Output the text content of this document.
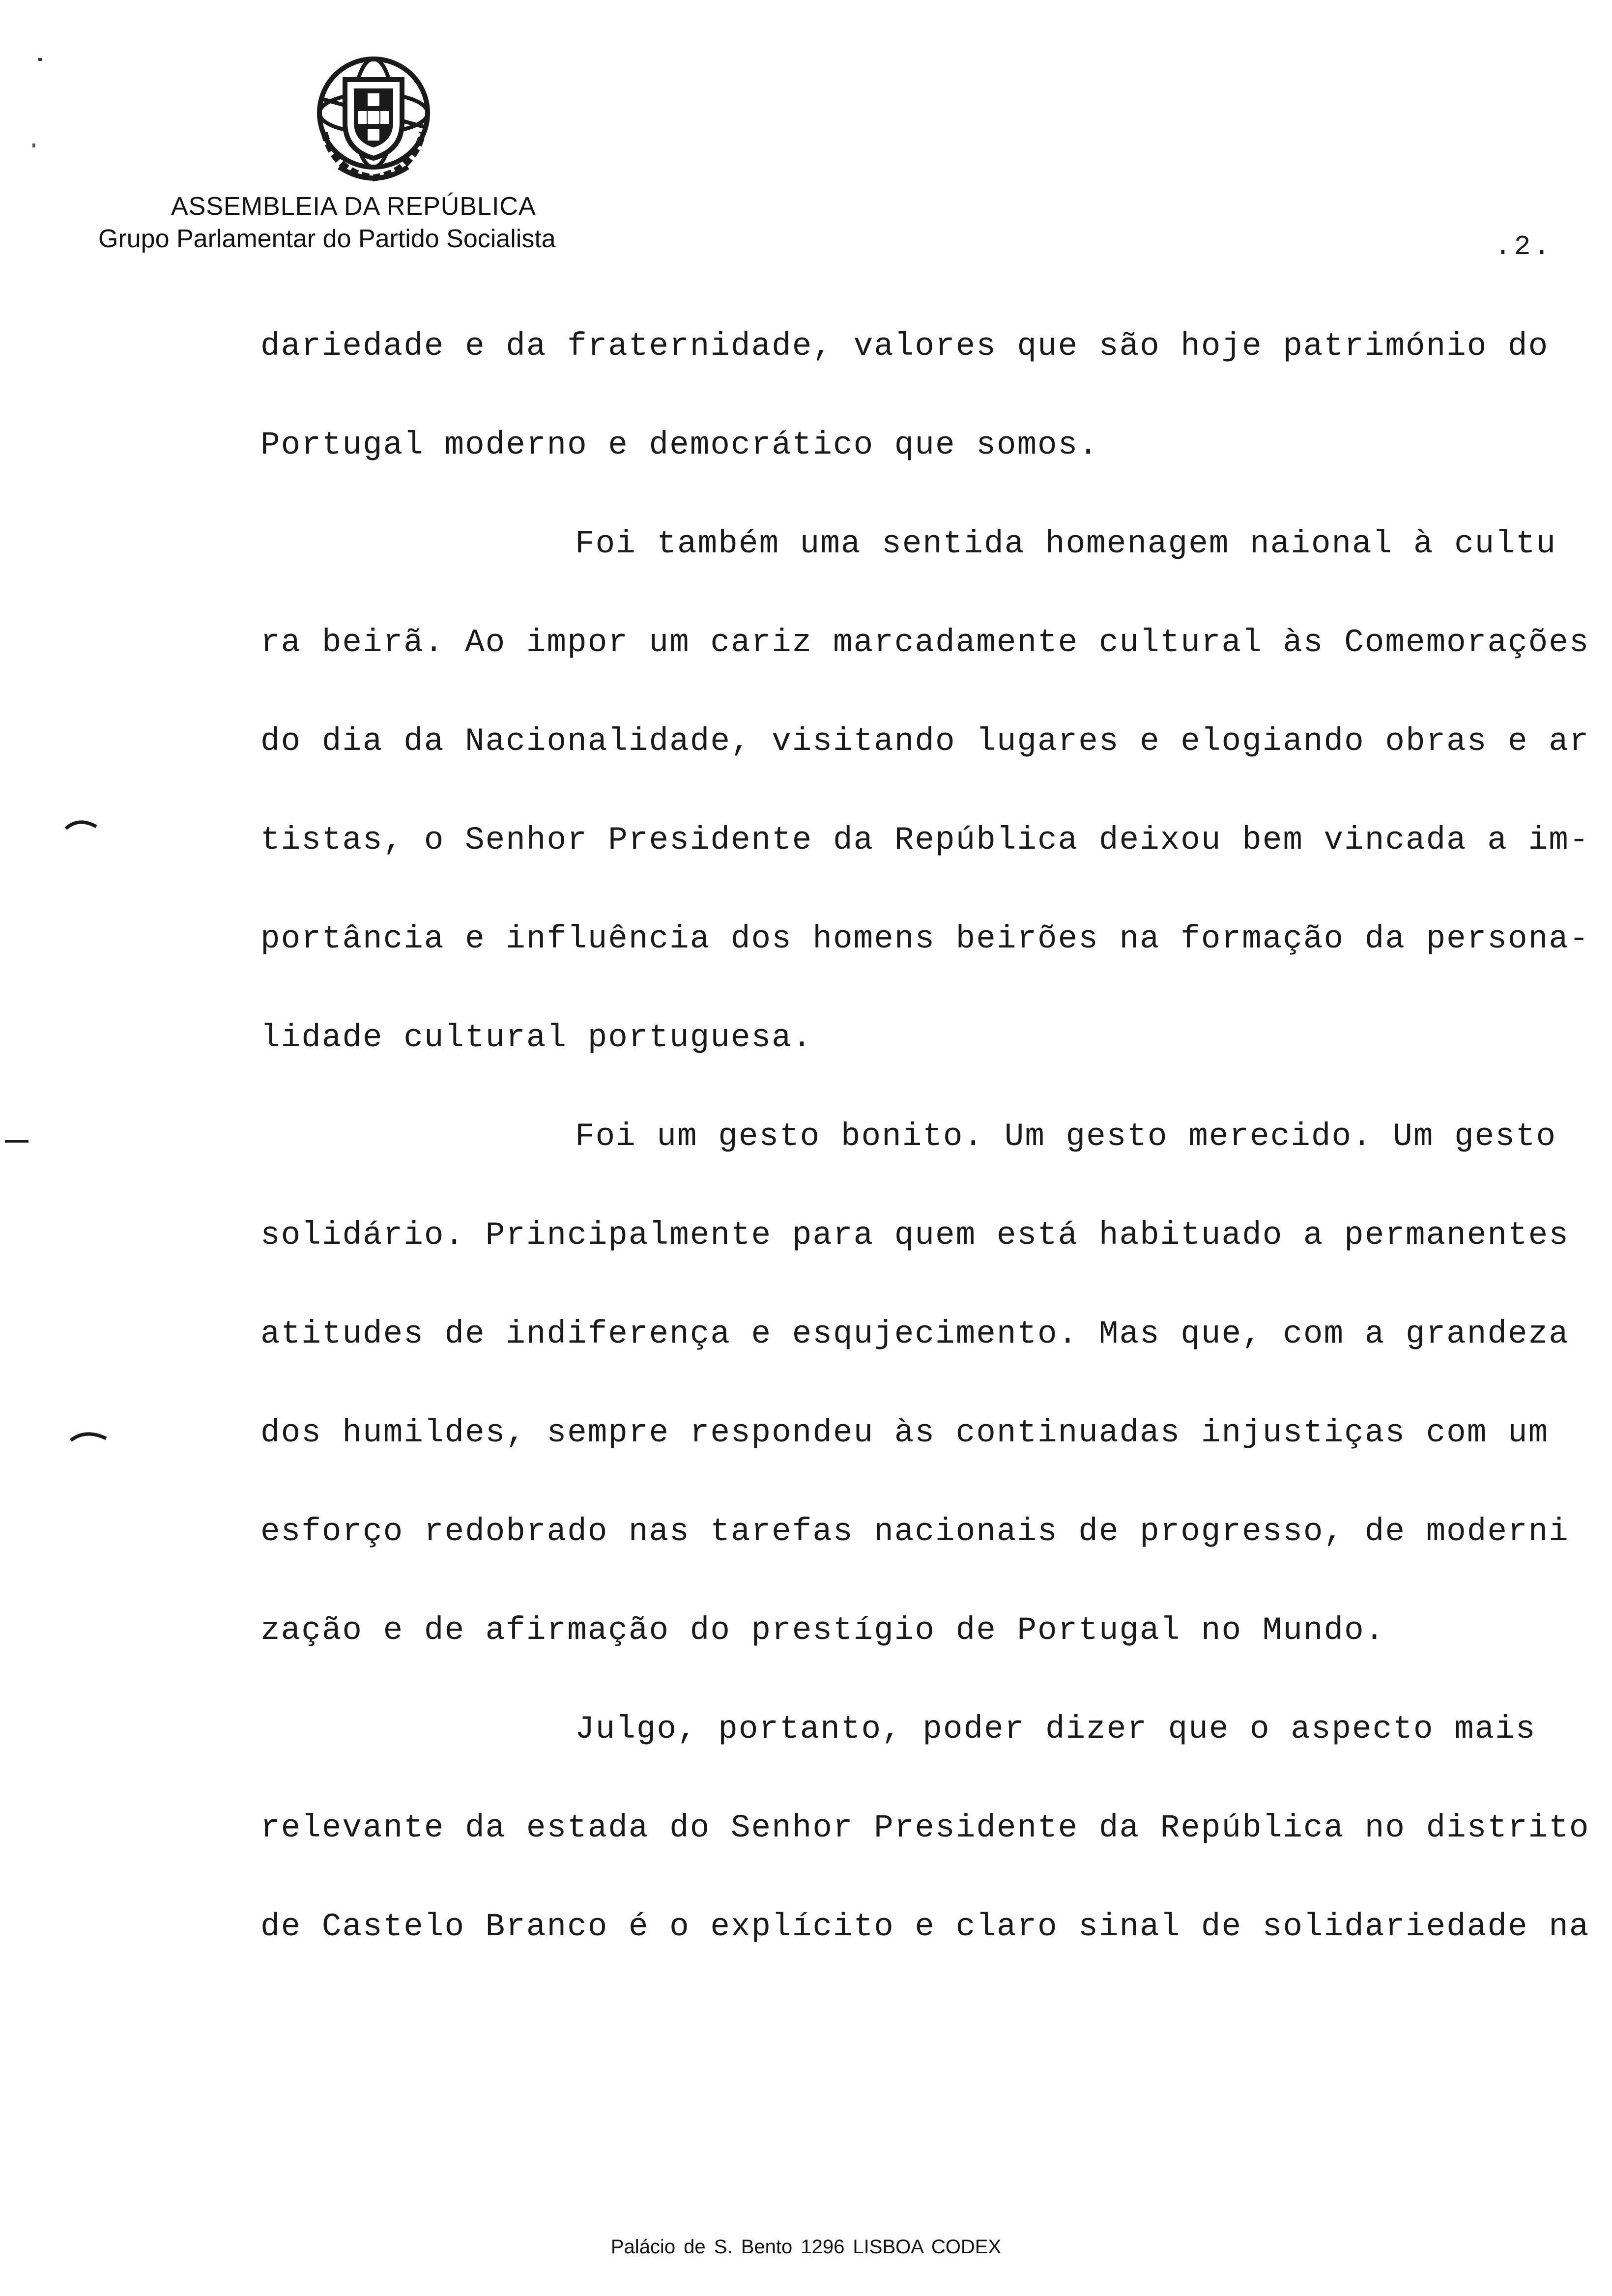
ASSEMBLEIA DA REPÚBLICA
Grupo Parlamentar do Partido Socialista	.2.
dariedade e da fraternidade, valores que são hoje património do
Portugal moderno e democrático que somos.
Foi também uma sentida homenagem naional à cultu
ra beirã. Ao impor um cariz marcadamente cultural às Comemorações
do dia da Nacionalidade, visitando lugares e elogiando obras e ar
tistas, o Senhor Presidente da República deixou bem vincada a im-
portância e influência dos homens beirões na formação da persona-
lidade cultural portuguesa.
Foi um gesto bonito. Um gesto merecido. Um gesto
solidário. Principalmente para quem está habituado a permanentes
atitudes de indiferença e esqujecimento. Mas que, com a grandeza
dos humildes, sempre respondeu às continuadas injustiças com um
esforço redobrado nas tarefas nacionais de progresso, de moderni
zação e de afirmação do prestígio de Portugal no Mundo.
Julgo, portanto, poder dizer que o aspecto mais
relevante da estada do Senhor Presidente da República no distrito
de Castelo Branco é o explícito e claro sinal de solidariedade na
Palácio de S. Bento 1296 LISBOA CODEX
